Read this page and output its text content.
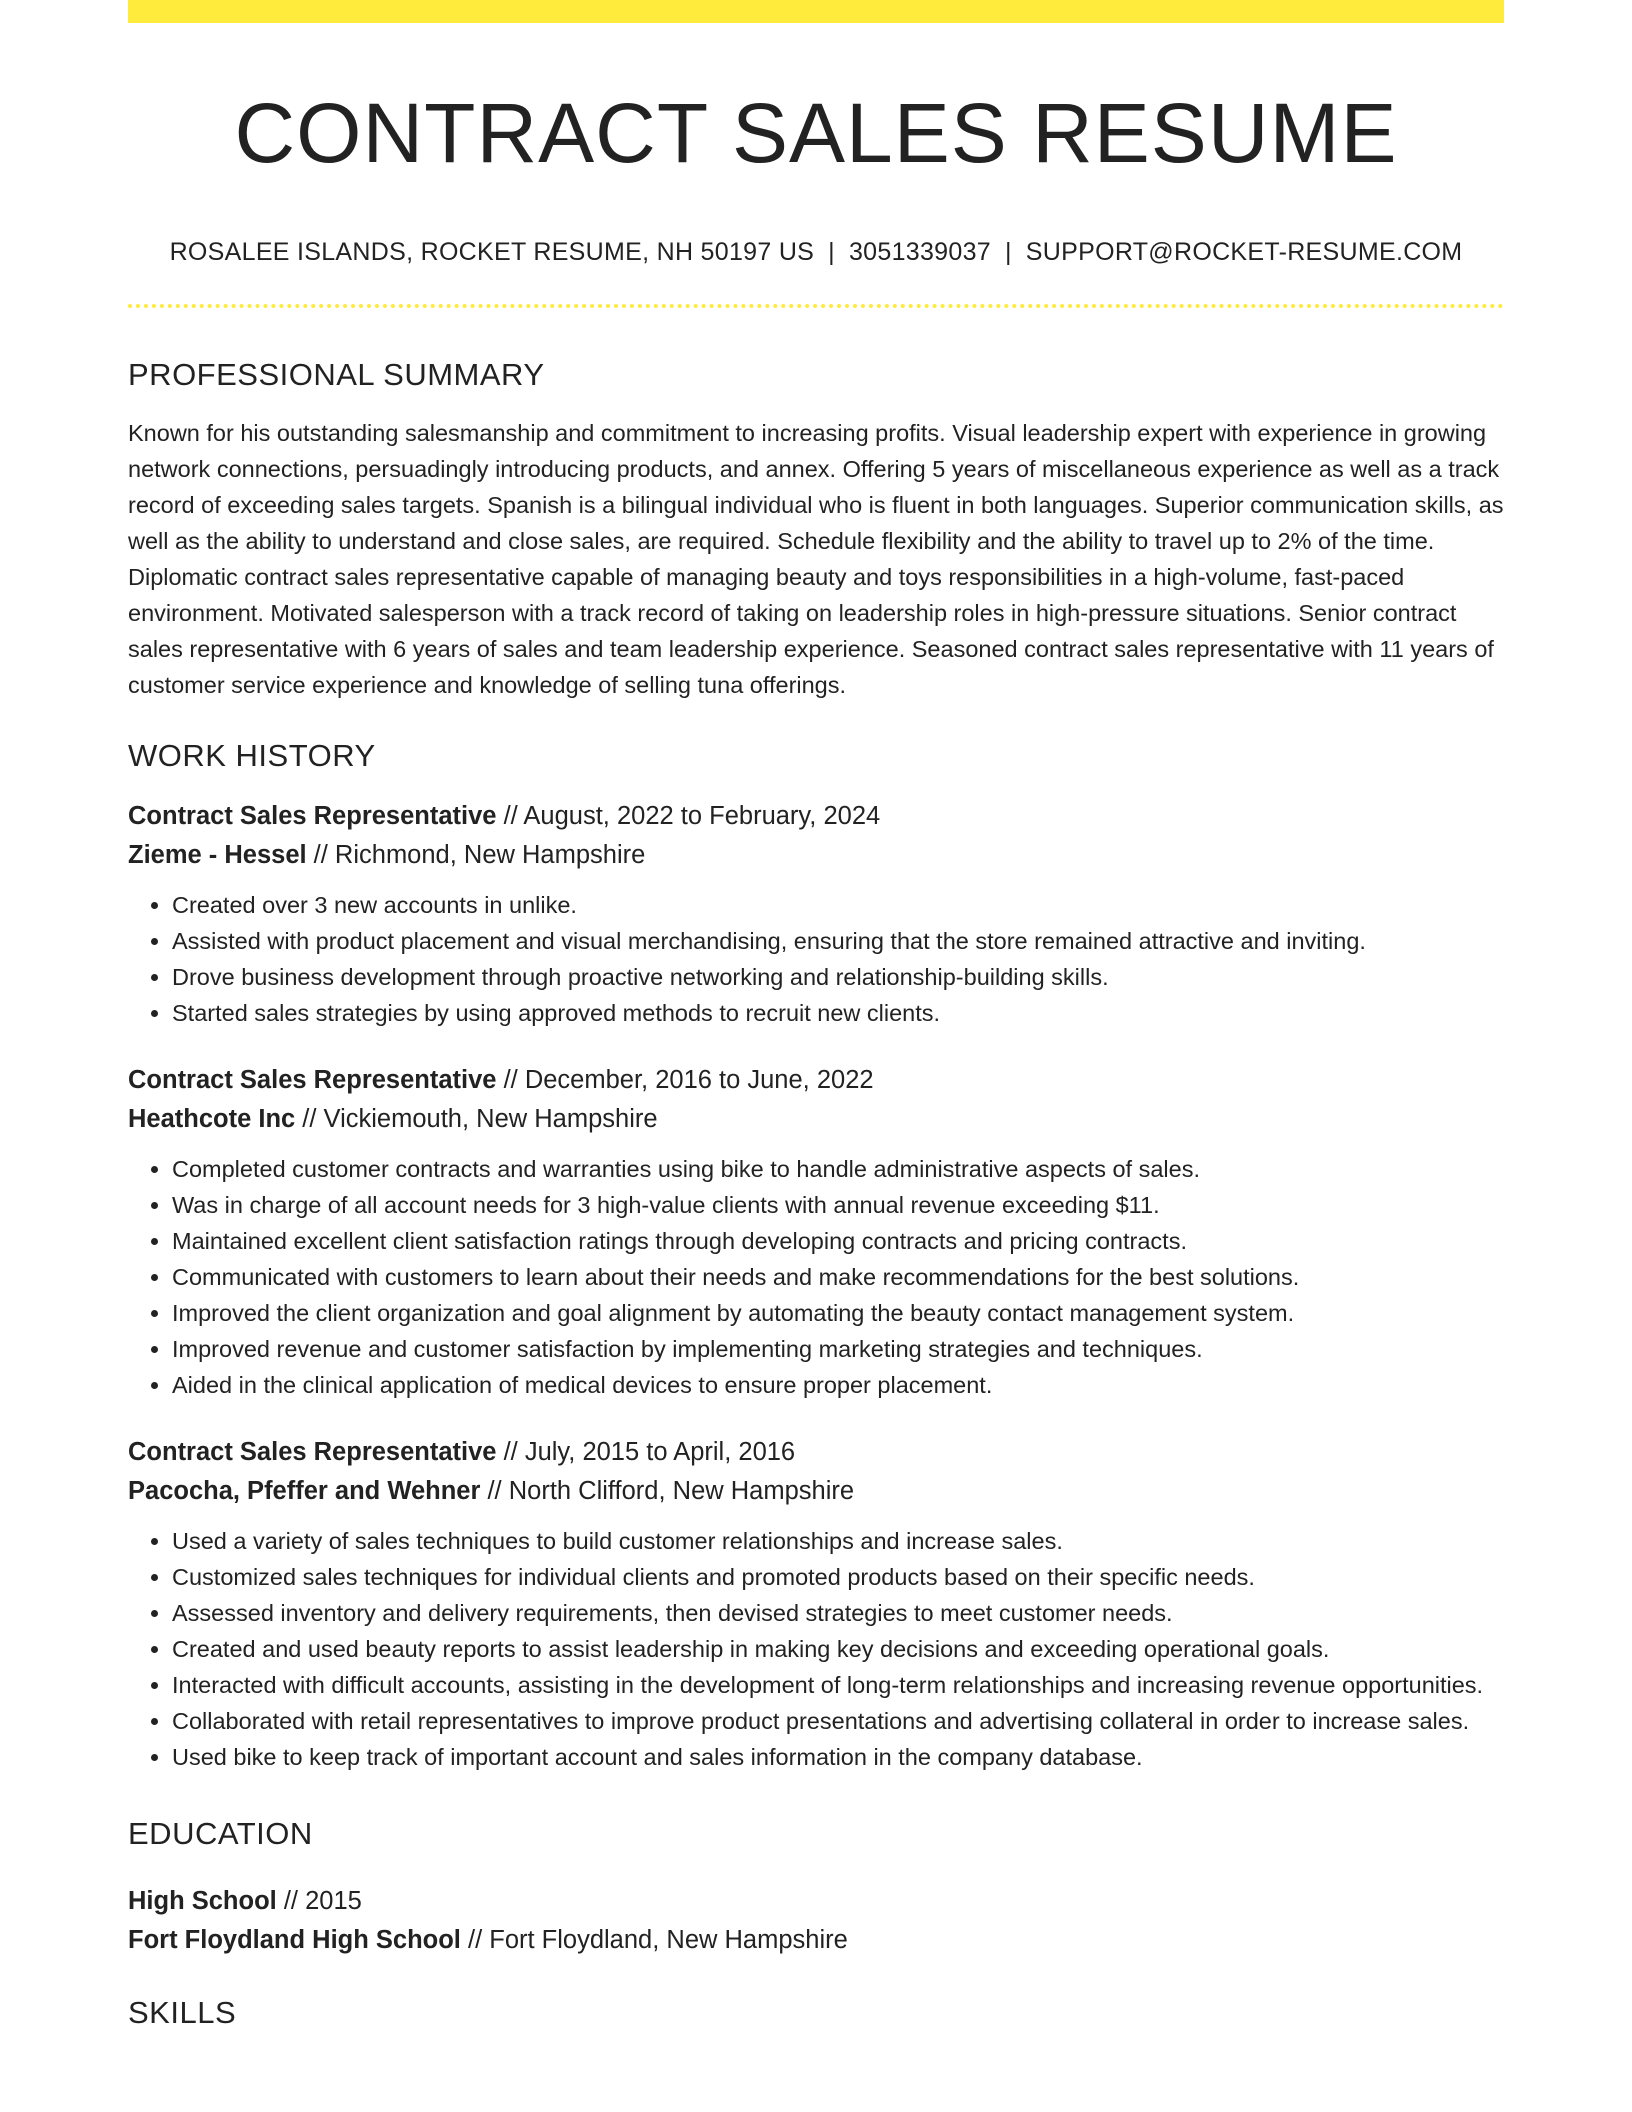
CONTRACT SALES RESUME
ROSALEE ISLANDS, ROCKET RESUME, NH 50197 US | 3051339037 | SUPPORT@ROCKET-RESUME.COM
PROFESSIONAL SUMMARY

Known for his outstanding salesmanship and commitment to increasing profits. Visual leadership expert with experience in growing network connections, persuadingly introducing products, and annex. Offering 5 years of miscellaneous experience as well as a track record of exceeding sales targets. Spanish is a bilingual individual who is fluent in both languages. Superior communication skills, as well as the ability to understand and close sales, are required. Schedule flexibility and the ability to travel up to 2% of the time. Diplomatic contract sales representative capable of managing beauty and toys responsibilities in a high-volume, fast-paced environment. Motivated salesperson with a track record of taking on leadership roles in high-pressure situations. Senior contract sales representative with 6 years of sales and team leadership experience. Seasoned contract sales representative with 11 years of customer service experience and knowledge of selling tuna offerings.

WORK HISTORY
Contract Sales Representative // August, 2022 to February, 2024
Zieme - Hessel // Richmond, New Hampshire
• Created over 3 new accounts in unlike.
• Assisted with product placement and visual merchandising, ensuring that the store remained attractive and inviting.
• Drove business development through proactive networking and relationship-building skills.
• Started sales strategies by using approved methods to recruit new clients.
Contract Sales Representative // December, 2016 to June, 2022
Heathcote Inc // Vickiemouth, New Hampshire
• Completed customer contracts and warranties using bike to handle administrative aspects of sales.
• Was in charge of all account needs for 3 high-value clients with annual revenue exceeding $11.
• Maintained excellent client satisfaction ratings through developing contracts and pricing contracts.
• Communicated with customers to learn about their needs and make recommendations for the best solutions.
• Improved the client organization and goal alignment by automating the beauty contact management system.
• Improved revenue and customer satisfaction by implementing marketing strategies and techniques.
• Aided in the clinical application of medical devices to ensure proper placement.
Contract Sales Representative // July, 2015 to April, 2016
Pacocha, Pfeffer and Wehner // North Clifford, New Hampshire
• Used a variety of sales techniques to build customer relationships and increase sales.
• Customized sales techniques for individual clients and promoted products based on their specific needs.
• Assessed inventory and delivery requirements, then devised strategies to meet customer needs.
• Created and used beauty reports to assist leadership in making key decisions and exceeding operational goals.
• Interacted with difficult accounts, assisting in the development of long-term relationships and increasing revenue opportunities.
• Collaborated with retail representatives to improve product presentations and advertising collateral in order to increase sales.
• Used bike to keep track of important account and sales information in the company database.
EDUCATION
High School // 2015
Fort Floydland High School // Fort Floydland, New Hampshire
SKILLS
